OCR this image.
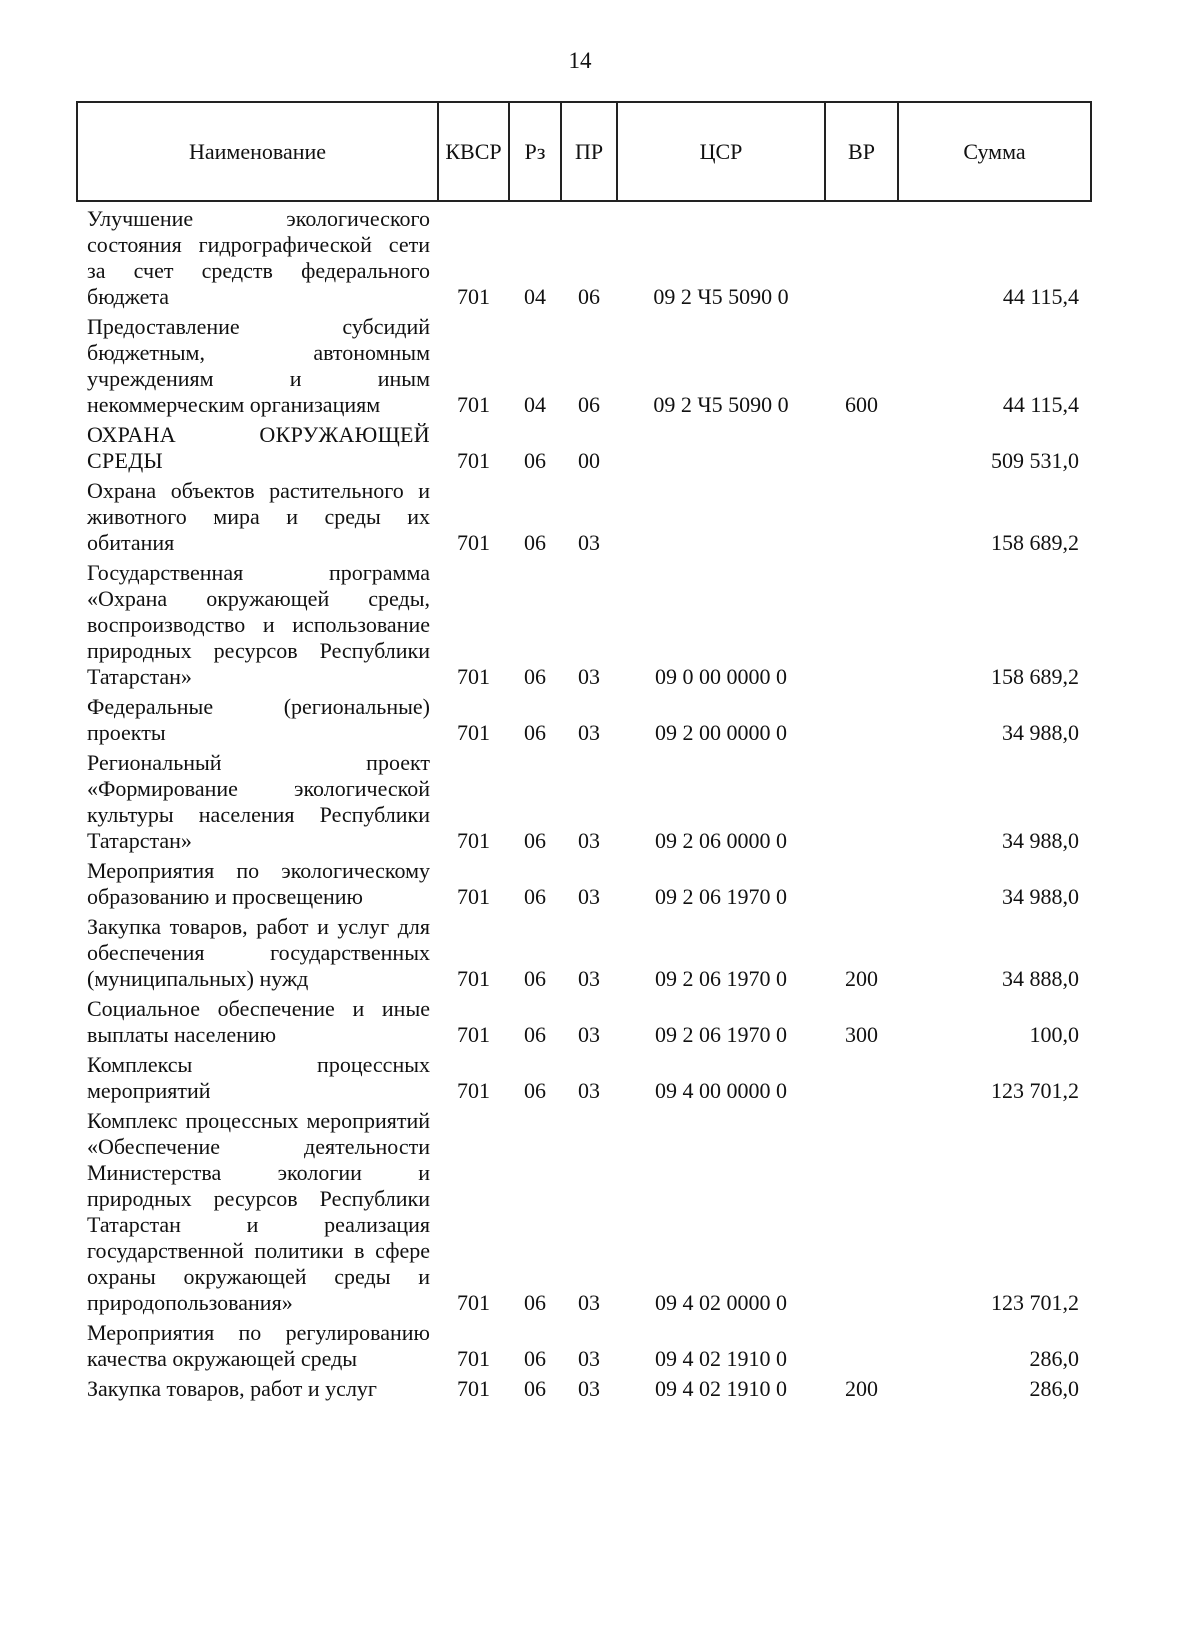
14
Наименование	КВСР	Рз	ПР	ЦСР	ВР	Сумма
Улучшение экологического состояния гидрографической сети за счет средств федерального бюджета	701	04	06	09 2 Ч5 5090 0		44 115,4
Предоставление субсидий бюджетным, автономным учреждениям и иным некоммерческим организациям	701	04	06	09 2 Ч5 5090 0	600	44 115,4
ОХРАНА ОКРУЖАЮЩЕЙ СРЕДЫ	701	06	00			509 531,0
Охрана объектов растительного и животного мира и среды их обитания	701	06	03			158 689,2
Государственная программа «Охрана окружающей среды, воспроизводство и использование природных ресурсов Республики Татарстан»	701	06	03	09 0 00 0000 0		158 689,2
Федеральные (региональные) проекты	701	06	03	09 2 00 0000 0		34 988,0
Региональный проект «Формирование экологической культуры населения Республики Татарстан»	701	06	03	09 2 06 0000 0		34 988,0
Мероприятия по экологическому образованию и просвещению	701	06	03	09 2 06 1970 0		34 988,0
Закупка товаров, работ и услуг для обеспечения государственных (муниципальных) нужд	701	06	03	09 2 06 1970 0	200	34 888,0
Социальное обеспечение и иные выплаты населению	701	06	03	09 2 06 1970 0	300	100,0
Комплексы процессных мероприятий	701	06	03	09 4 00 0000 0		123 701,2
Комплекс процессных мероприятий «Обеспечение деятельности Министерства экологии и природных ресурсов Республики Татарстан и реализация государственной политики в сфере охраны окружающей среды и природопользования»	701	06	03	09 4 02 0000 0		123 701,2
Мероприятия по регулированию качества окружающей среды	701	06	03	09 4 02 1910 0		286,0
Закупка товаров, работ и услуг	701	06	03	09 4 02 1910 0	200	286,0
